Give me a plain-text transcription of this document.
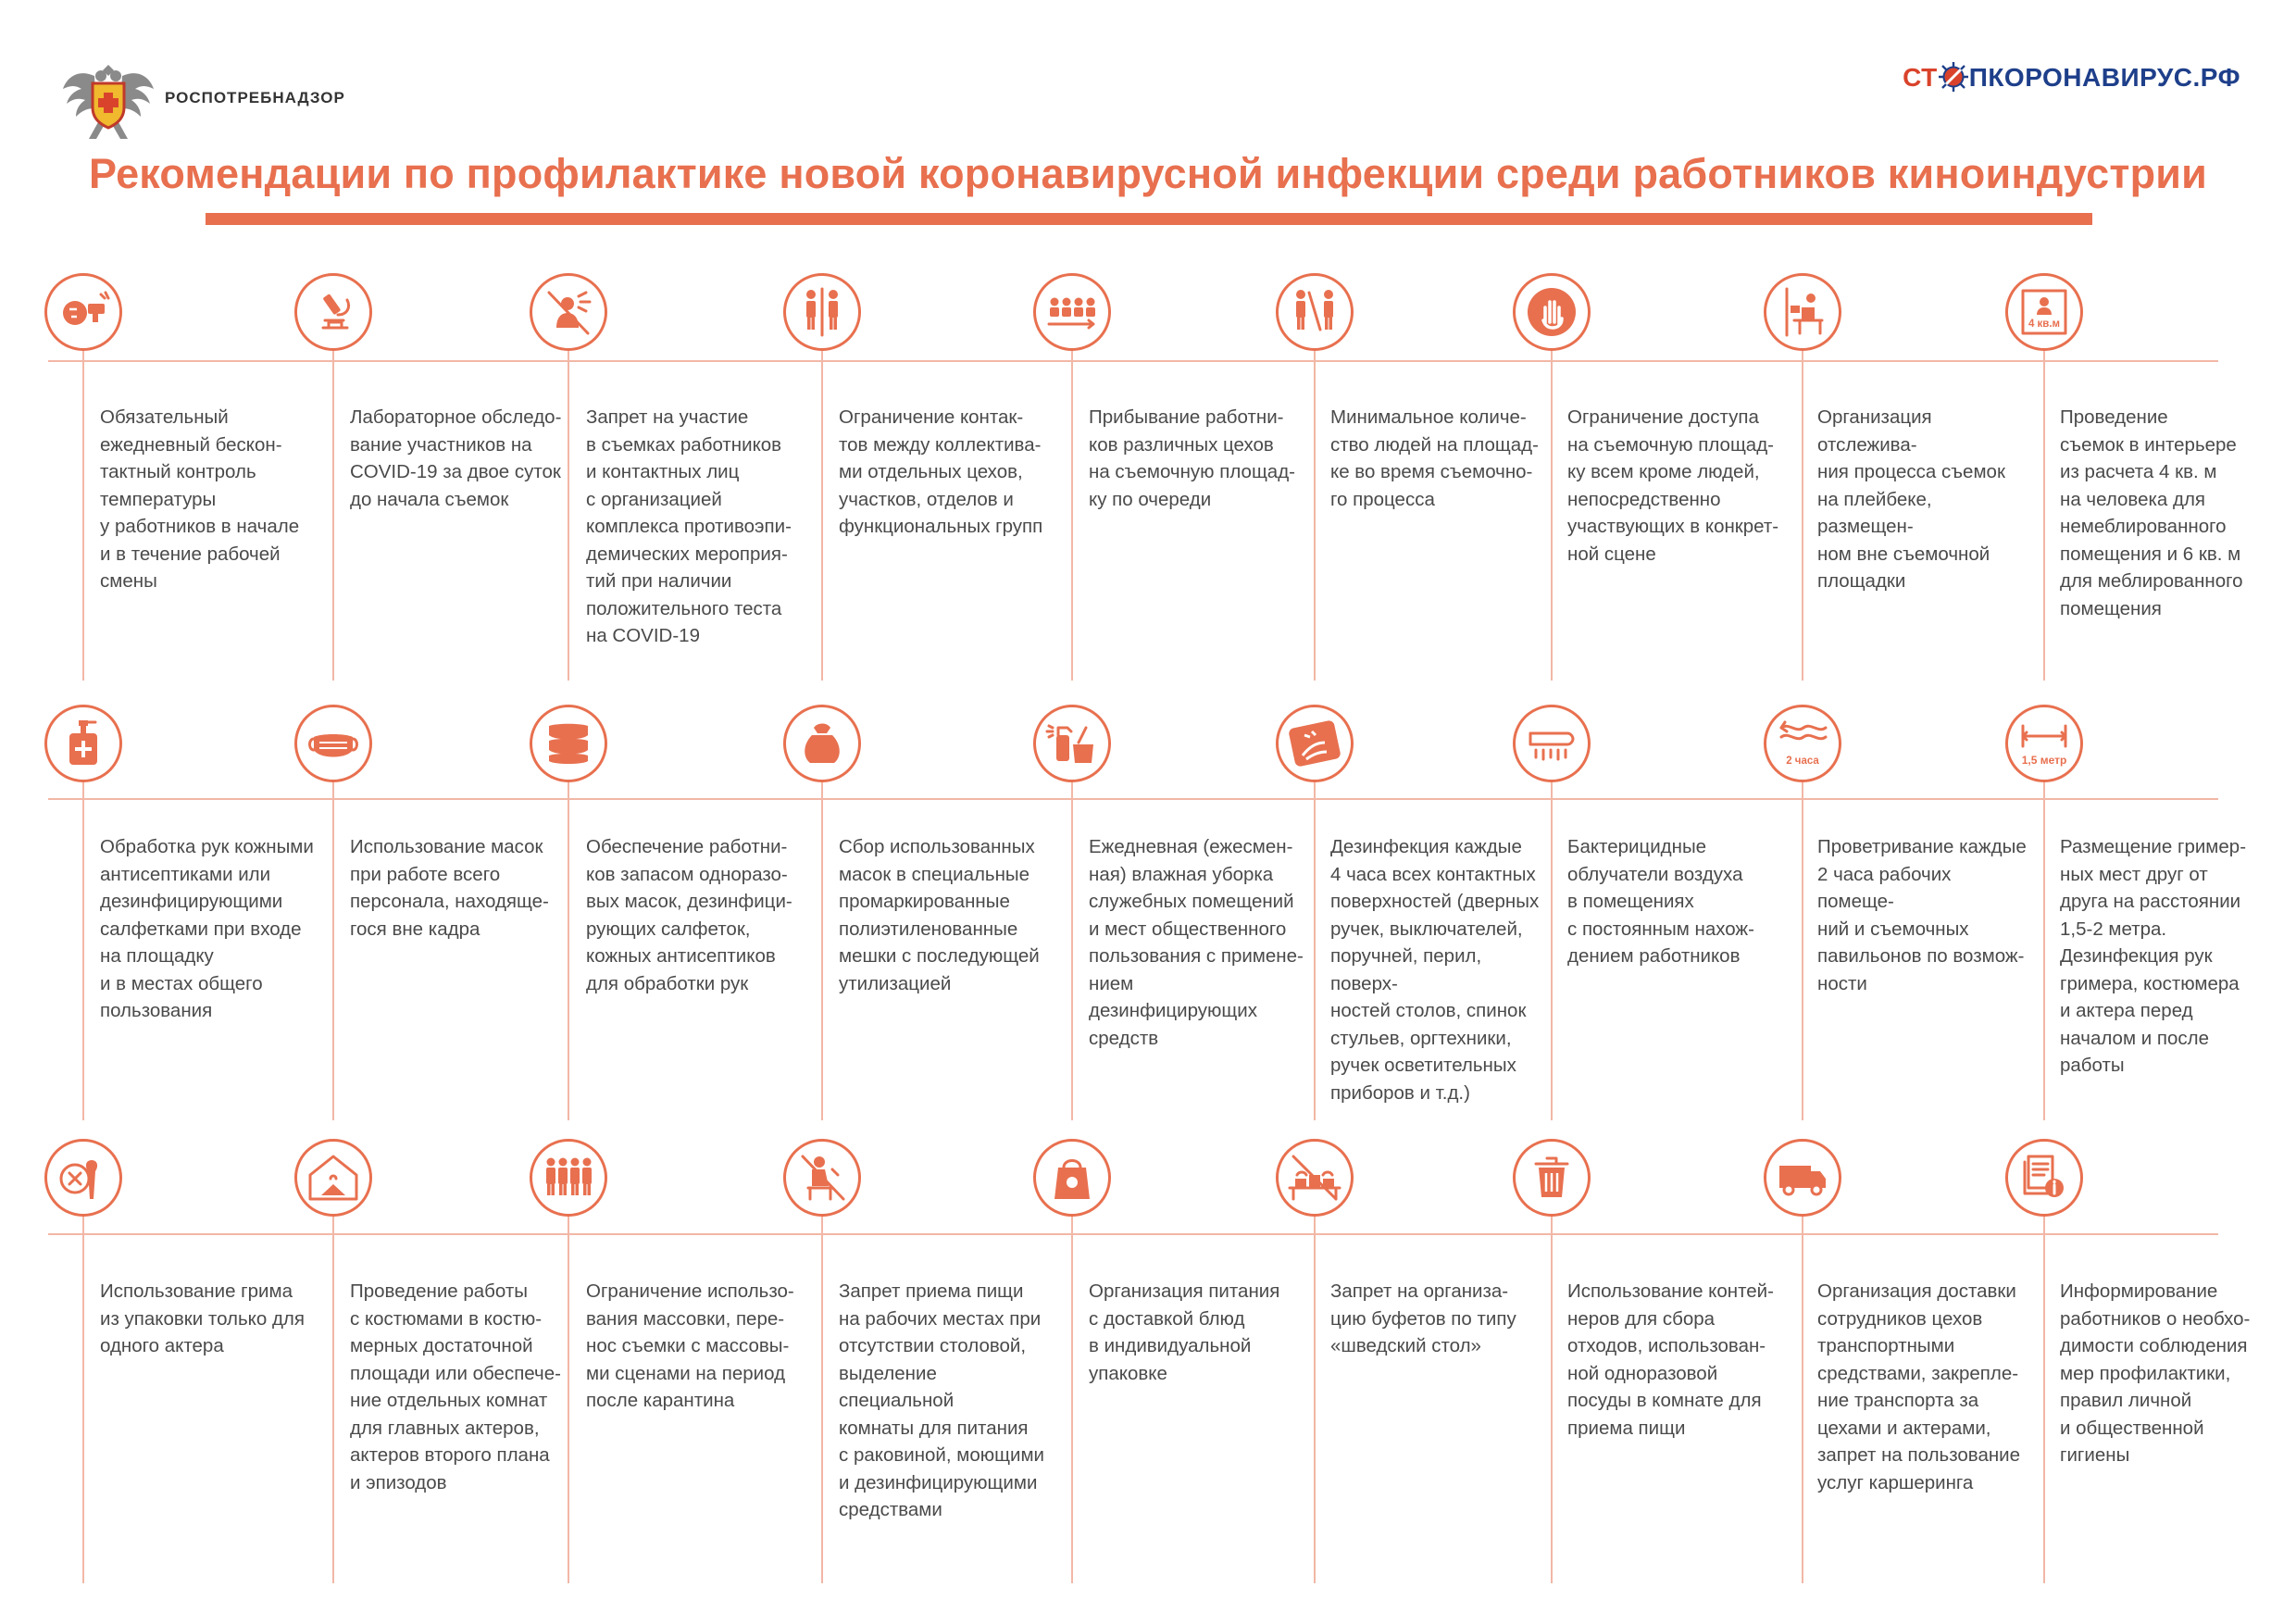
РОСПОТРЕБНАДЗОР
СТ ПКОРОНАВИРУС.РФ
Рекомендации по профилактике новой коронавирусной инфекции среди работников киноиндустрии
Обязательный
ежедневный бескон-
тактный контроль
температуры
у работников в начале
и в течение рабочей
смены
Лабораторное обследо-
вание участников на
COVID-19 за двое суток
до начала съемок
Запрет на участие
в съемках работников
и контактных лиц
с организацией
комплекса противоэпи-
демических мероприя-
тий при наличии
положительного теста
на COVID-19
Ограничение контак-
тов между коллектива-
ми отдельных цехов,
участков, отделов и
функциональных групп
Прибывание работни-
ков различных цехов
на съемочную площад-
ку по очереди
Минимальное количе-
ство людей на площад-
ке во время съемочно-
го процесса
Ограничение доступа
на съемочную площад-
ку всем кроме людей,
непосредственно
участвующих в конкрет-
ной сцене
Организация отслежива-
ния процесса съемок
на плейбеке, размещен-
ном вне съемочной
площадки
4 кв.м
Проведение
съемок в интерьере
из расчета 4 кв. м
на человека для
немеблированного
помещения и 6 кв. м
для меблированного
помещения
Обработка рук кожными
антисептиками или
дезинфицирующими
салфетками при входе
на площадку
и в местах общего
пользования
Использование масок
при работе всего
персонала, находяще-
гося вне кадра
Обеспечение работни-
ков запасом одноразо-
вых масок, дезинфици-
рующих салфеток,
кожных антисептиков
для обработки рук
Сбор использованных
масок в специальные
промаркированные
полиэтиленованные
мешки с последующей
утилизацией
Ежедневная (ежесмен-
ная) влажная уборка
служебных помещений
и мест общественного
пользования с примене-
нием дезинфицирующих
средств
Дезинфекция каждые
4 часа всех контактных
поверхностей (дверных
ручек, выключателей,
поручней, перил, поверх-
ностей столов, спинок
стульев, оргтехники,
ручек осветительных
приборов и т.д.)
Бактерицидные
облучатели воздуха
в помещениях
с постоянным нахож-
дением работников
2 часа
Проветривание каждые
2 часа рабочих помеще-
ний и съемочных
павильонов по возмож-
ности
1,5 метр
Размещение гример-
ных мест друг от
друга на расстоянии
1,5-2 метра.
Дезинфекция рук
гримера, костюмера
и актера перед
началом и после
работы
Использование грима
из упаковки только для
одного актера
Проведение работы
с костюмами в костю-
мерных достаточной
площади или обеспече-
ние отдельных комнат
для главных актеров,
актеров второго плана
и эпизодов
Ограничение использо-
вания массовки, пере-
нос съемки с массовы-
ми сценами на период
после карантина
Запрет приема пищи
на рабочих местах при
отсутствии столовой,
выделение специальной
комнаты для питания
с раковиной, моющими
и дезинфицирующими
средствами
Организация питания
с доставкой блюд
в индивидуальной
упаковке
Запрет на организа-
цию буфетов по типу
«шведский стол»
Использование контей-
неров для сбора
отходов, использован-
ной одноразовой
посуды в комнате для
приема пищи
Организация доставки
сотрудников цехов
транспортными
средствами, закрепле-
ние транспорта за
цехами и актерами,
запрет на пользование
услуг каршеринга
Информирование
работников о необхо-
димости соблюдения
мер профилактики,
правил личной
и общественной
гигиены
